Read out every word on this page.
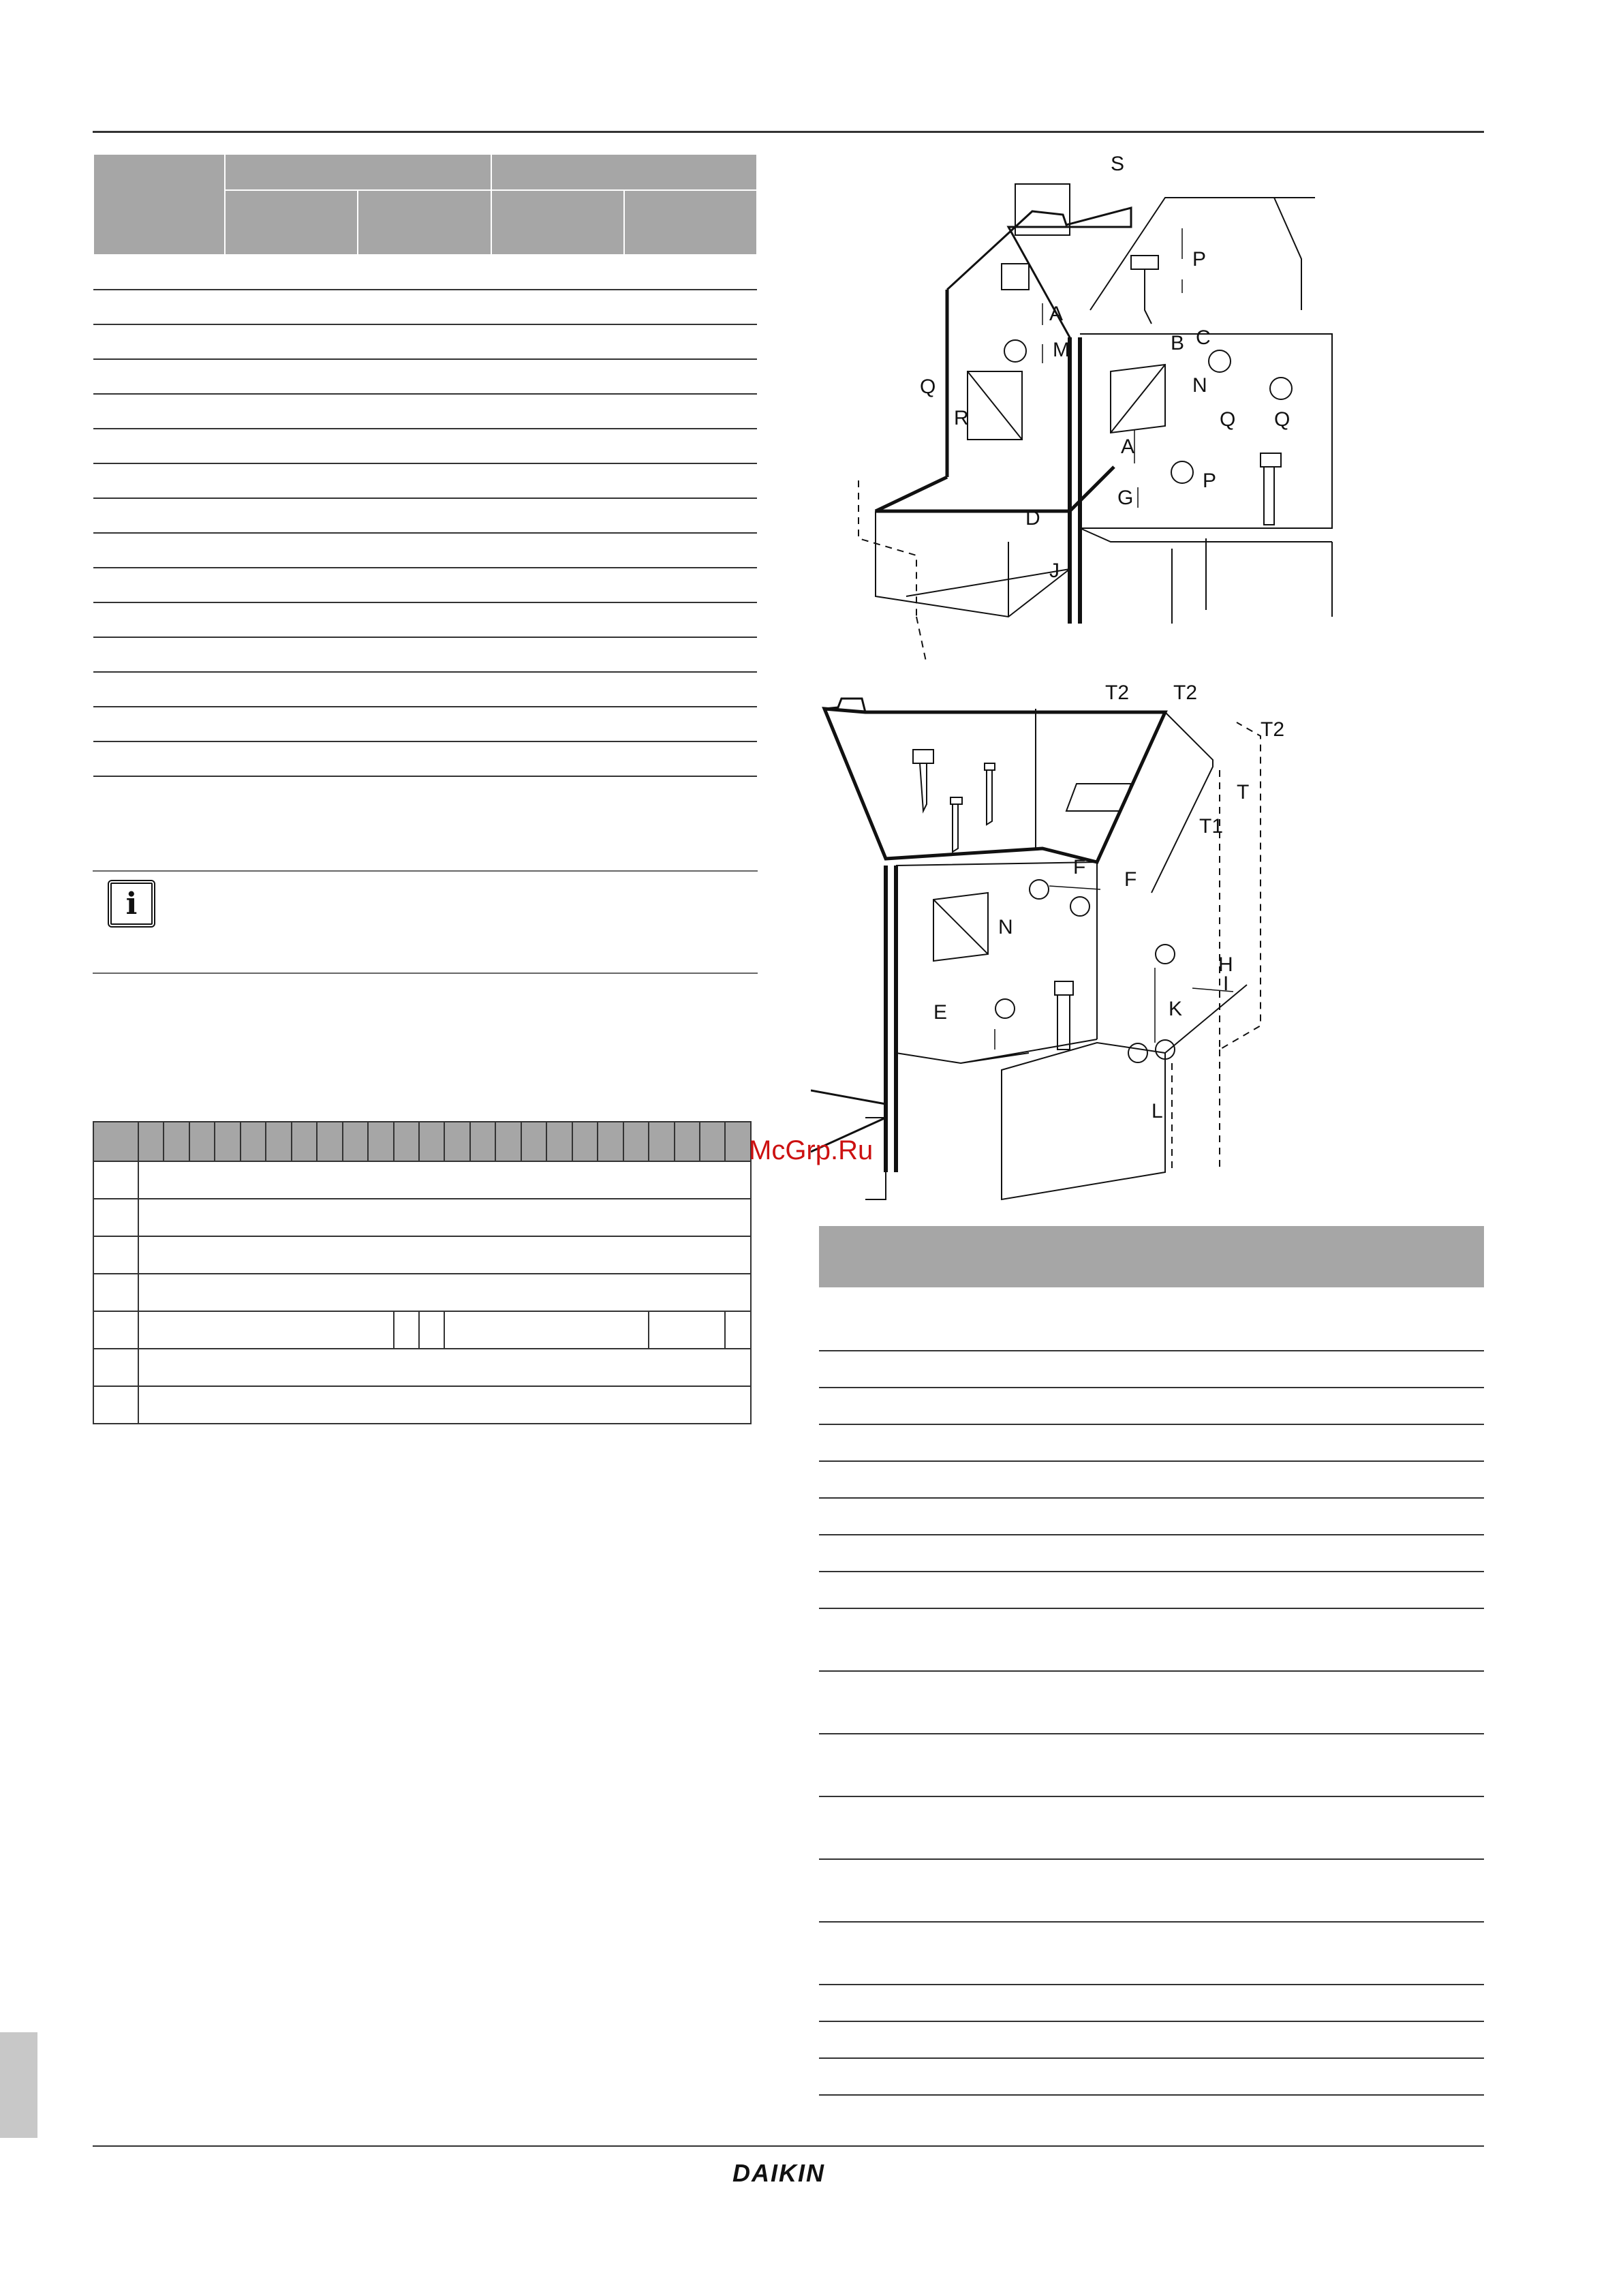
i

S
P
A
M
Q
R
B C
N
A
Q Q
G
P
D
J
T2 T2
T2
T
T1
F
F
N
H
I
K
E
L
McGrp.Ru

DAIKIN
